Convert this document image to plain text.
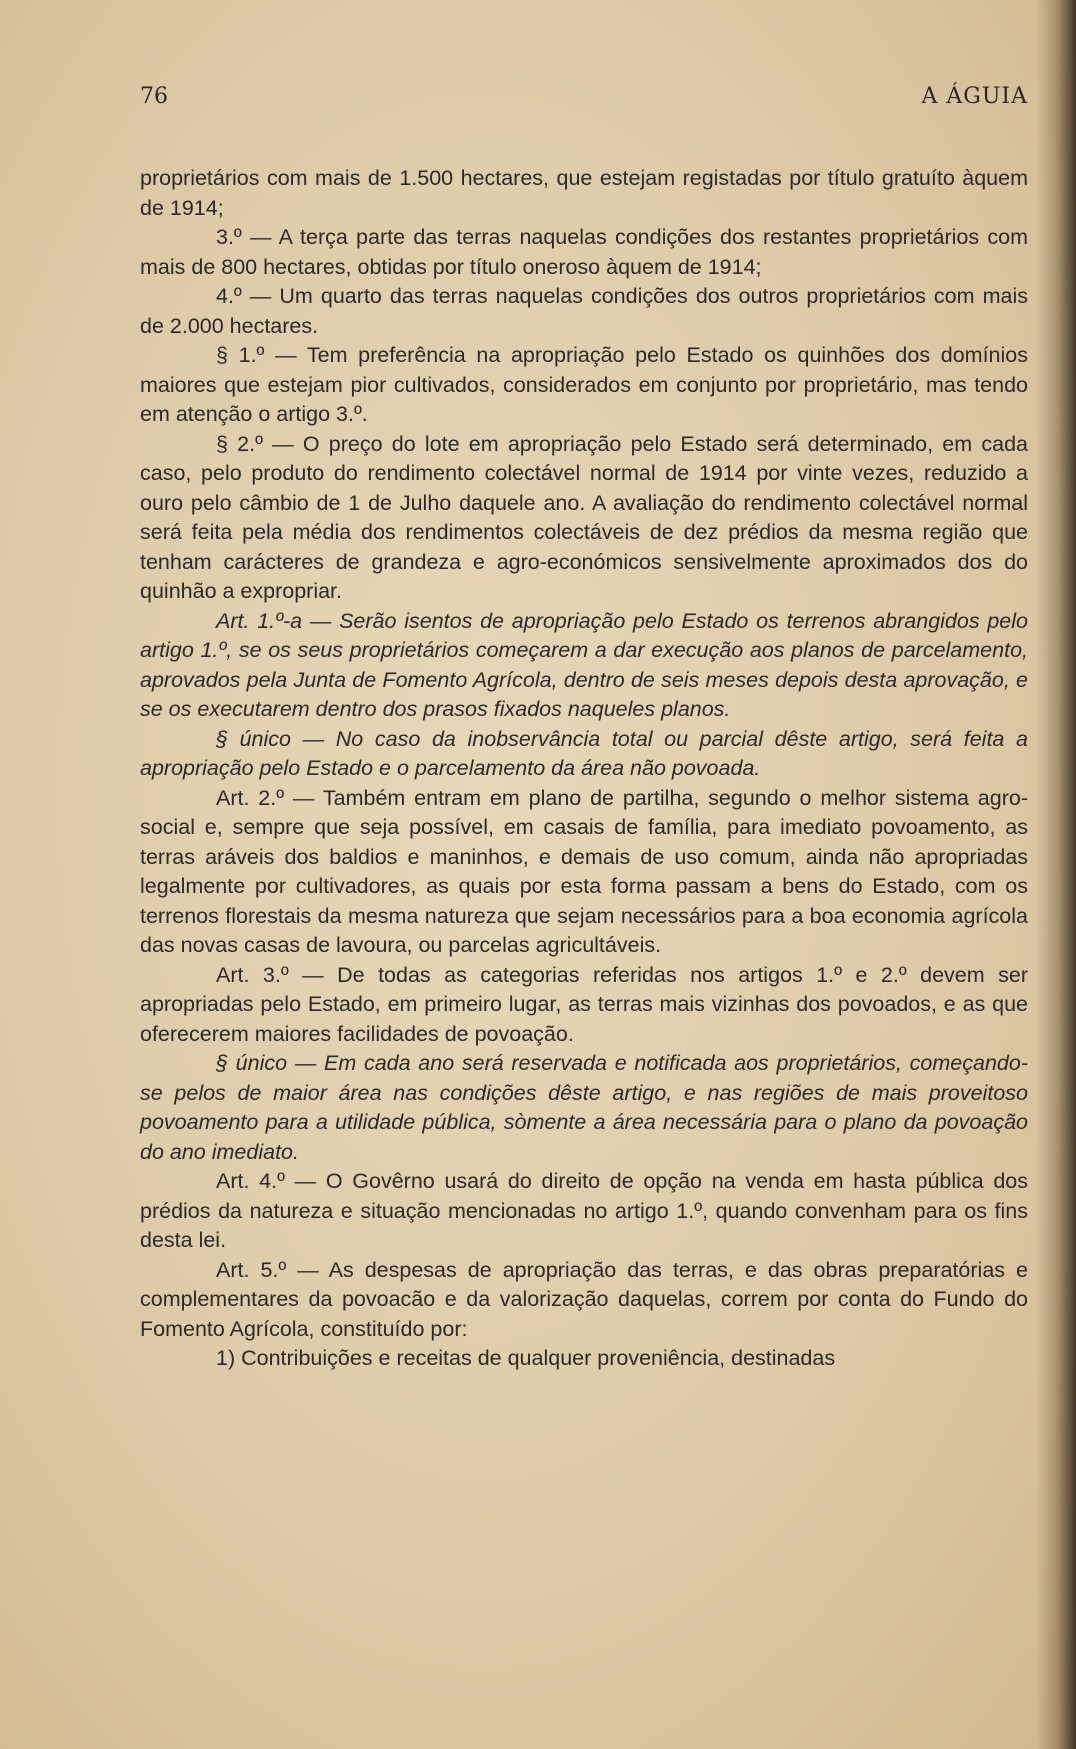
76	A ÁGUIA

proprietários com mais de 1.500 hectares, que estejam registadas por título gratuíto àquem de 1914;

3.º — A terça parte das terras naquelas condições dos restantes proprietários com mais de 800 hectares, obtidas por título oneroso àquem de 1914;

4.º — Um quarto das terras naquelas condições dos outros proprietários com mais de 2.000 hectares.

§ 1.º — Tem preferência na apropriação pelo Estado os quinhões dos domínios maiores que estejam pior cultivados, considerados em conjunto por proprietário, mas tendo em atenção o artigo 3.º.

§ 2.º — O preço do lote em apropriação pelo Estado será determinado, em cada caso, pelo produto do rendimento colectável normal de 1914 por vinte vezes, reduzido a ouro pelo câmbio de 1 de Julho daquele ano. A avaliação do rendimento colectável normal será feita pela média dos rendimentos colectáveis de dez prédios da mesma região que tenham carácteres de grandeza e agro-económicos sensivelmente aproximados dos do quinhão a expropriar.

Art. 1.º-a — Serão isentos de apropriação pelo Estado os terrenos abrangidos pelo artigo 1.º, se os seus proprietários começarem a dar execução aos planos de parcelamento, aprovados pela Junta de Fomento Agrícola, dentro de seis meses depois desta aprovação, e se os executarem dentro dos prasos fixados naqueles planos.

§ único — No caso da inobservância total ou parcial dêste artigo, será feita a apropriação pelo Estado e o parcelamento da área não povoada.

Art. 2.º — Também entram em plano de partilha, segundo o melhor sistema agro-social e, sempre que seja possível, em casais de família, para imediato povoamento, as terras aráveis dos baldios e maninhos, e demais de uso comum, ainda não apropriadas legalmente por cultivadores, as quais por esta forma passam a bens do Estado, com os terrenos florestais da mesma natureza que sejam necessários para a boa economia agrícola das novas casas de lavoura, ou parcelas agricultáveis.

Art. 3.º — De todas as categorias referidas nos artigos 1.º e 2.º devem ser apropriadas pelo Estado, em primeiro lugar, as terras mais vizinhas dos povoados, e as que oferecerem maiores facilidades de povoação.

§ único — Em cada ano será reservada e notificada aos proprietários, começando-se pelos de maior área nas condições dêste artigo, e nas regiões de mais proveitoso povoamento para a utilidade pública, sòmente a área necessária para o plano da povoação do ano imediato.

Art. 4.º — O Govêrno usará do direito de opção na venda em hasta pública dos prédios da natureza e situação mencionadas no artigo 1.º, quando convenham para os fins desta lei.

Art. 5.º — As despesas de apropriação das terras, e das obras preparatórias e complementares da povoacão e da valorização daquelas, correm por conta do Fundo do Fomento Agrícola, constituído por:

1) Contribuições e receitas de qualquer proveniência, destinadas
